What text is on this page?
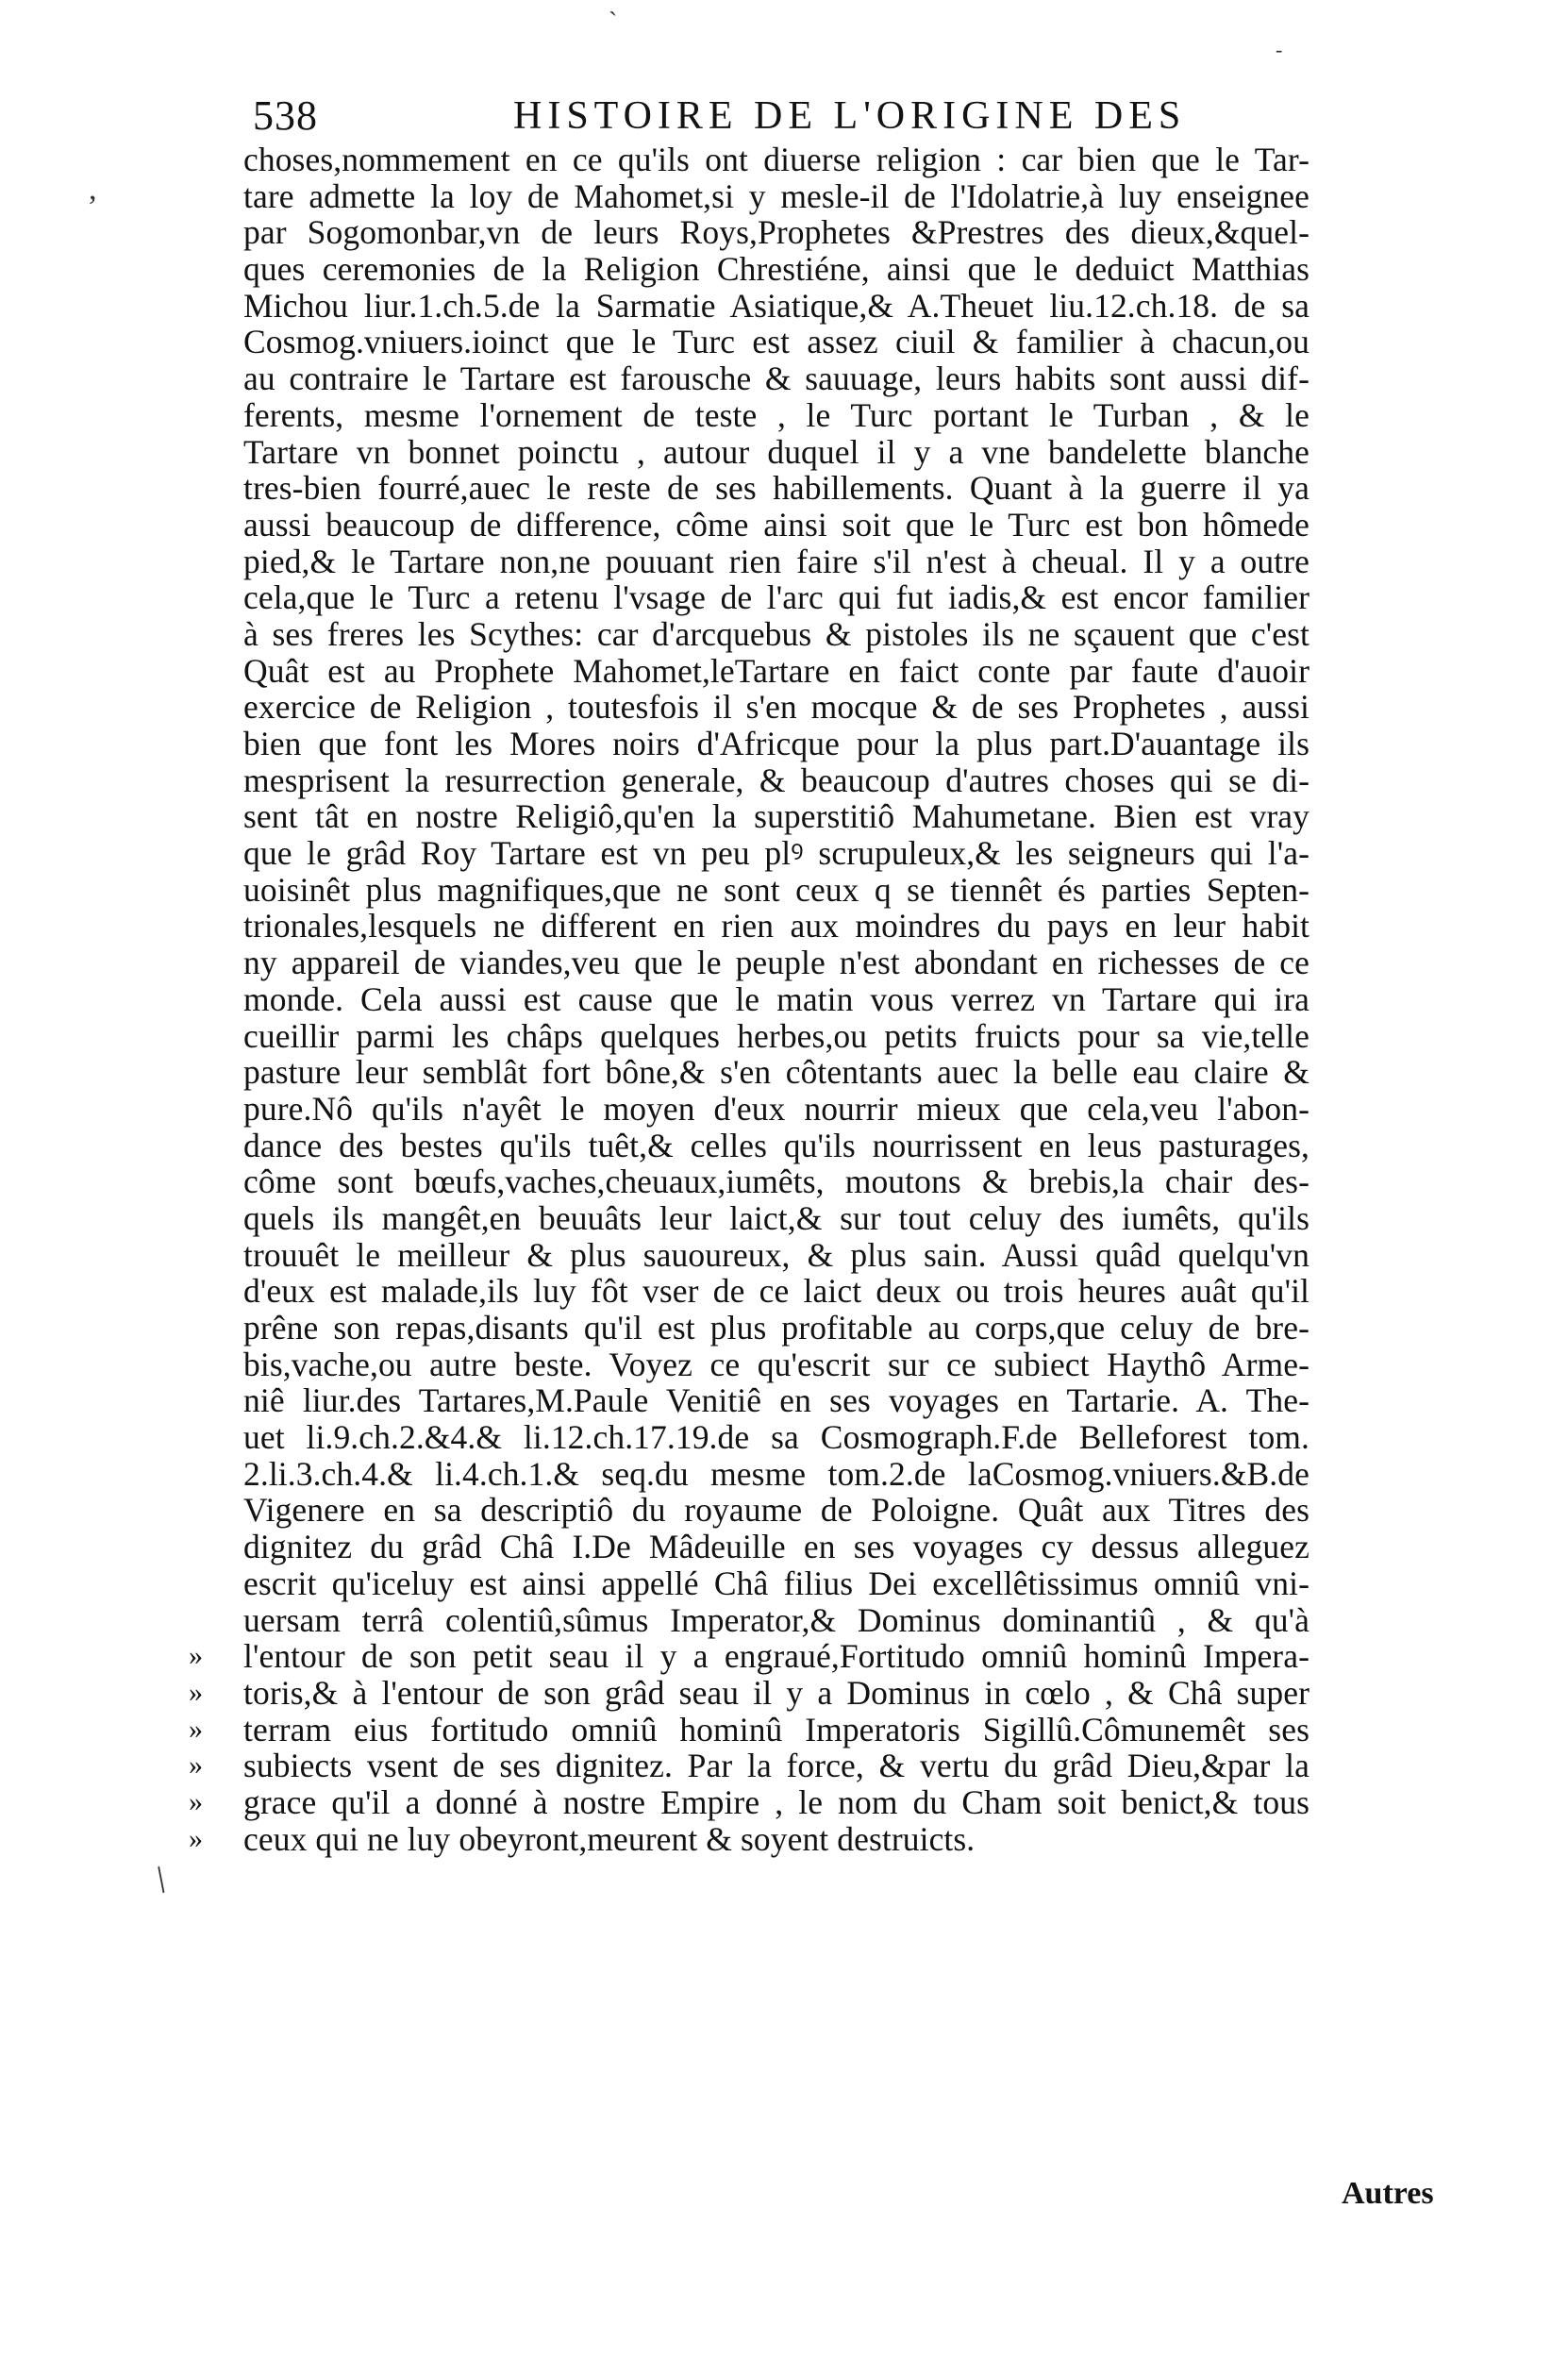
`
-
,
/
538	HISTOIRE DE L'ORIGINE DES
choses,nommement en ce qu'ils ont diuerse religion : car bien que le Tar-
tare admette la loy de Mahomet,si y mesle-il de l'Idolatrie,à luy enseignee
par Sogomonbar,vn de leurs Roys,Prophetes &Prestres des dieux,&quel-
ques ceremonies de la Religion Chrestiéne, ainsi que le deduict Matthias
Michou liur.1.ch.5.de la Sarmatie Asiatique,& A.Theuet liu.12.ch.18. de sa
Cosmog.vniuers.ioinct que le Turc est assez ciuil & familier à chacun,ou
au contraire le Tartare est farousche & sauuage, leurs habits sont aussi dif-
ferents, mesme l'ornement de teste , le Turc portant le Turban , & le
Tartare vn bonnet poinctu , autour duquel il y a vne bandelette blanche
tres-bien fourré,auec le reste de ses habillements. Quant à la guerre il ya
aussi beaucoup de difference, côme ainsi soit que le Turc est bon hômede
pied,& le Tartare non,ne pouuant rien faire s'il n'est à cheual. Il y a outre
cela,que le Turc a retenu l'vsage de l'arc qui fut iadis,& est encor familier
à ses freres les Scythes: car d'arcquebus & pistoles ils ne sçauent que c'est
Quât est au Prophete Mahomet,leTartare en faict conte par faute d'auoir
exercice de Religion , toutesfois il s'en mocque & de ses Prophetes , aussi
bien que font les Mores noirs d'Africque pour la plus part.D'auantage ils
mesprisent la resurrection generale, & beaucoup d'autres choses qui se di-
sent tât en nostre Religiô,qu'en la superstitiô Mahumetane. Bien est vray
que le grâd Roy Tartare est vn peu plꝰ scrupuleux,& les seigneurs qui l'a-
uoisinêt plus magnifiques,que ne sont ceux q se tiennêt és parties Septen-
trionales,lesquels ne different en rien aux moindres du pays en leur habit
ny appareil de viandes,veu que le peuple n'est abondant en richesses de ce
monde. Cela aussi est cause que le matin vous verrez vn Tartare qui ira
cueillir parmi les châps quelques herbes,ou petits fruicts pour sa vie,telle
pasture leur semblât fort bône,& s'en côtentants auec la belle eau claire &
pure.Nô qu'ils n'ayêt le moyen d'eux nourrir mieux que cela,veu l'abon-
dance des bestes qu'ils tuêt,& celles qu'ils nourrissent en leus pasturages,
côme sont bœufs,vaches,cheuaux,iumêts, moutons & brebis,la chair des-
quels ils mangêt,en beuuâts leur laict,& sur tout celuy des iumêts, qu'ils
trouuêt le meilleur & plus sauoureux, & plus sain. Aussi quâd quelqu'vn
d'eux est malade,ils luy fôt vser de ce laict deux ou trois heures auât qu'il
prêne son repas,disants qu'il est plus profitable au corps,que celuy de bre-
bis,vache,ou autre beste. Voyez ce qu'escrit sur ce subiect Haythô Arme-
niê liur.des Tartares,M.Paule Venitiê en ses voyages en Tartarie. A. The-
uet li.9.ch.2.&4.& li.12.ch.17.19.de sa Cosmograph.F.de Belleforest tom.
2.li.3.ch.4.& li.4.ch.1.& seq.du mesme tom.2.de laCosmog.vniuers.&B.de
Vigenere en sa descriptiô du royaume de Poloigne. Quât aux Titres des
dignitez du grâd Châ I.De Mâdeuille en ses voyages cy dessus alleguez
escrit qu'iceluy est ainsi appellé Châ filius Dei excellêtissimus omniû vni-
uersam terrâ colentiû,sûmus Imperator,& Dominus dominantiû , & qu'à
l'entour de son petit seau il y a engraué,Fortitudo omniû hominû Impera-
»
toris,& à l'entour de son grâd seau il y a Dominus in cœlo , & Châ super
»
terram eius fortitudo omniû hominû Imperatoris Sigillû.Cômunemêt ses
»
subiects vsent de ses dignitez. Par la force, & vertu du grâd Dieu,&par la
»
grace qu'il a donné à nostre Empire , le nom du Cham soit benict,& tous
»
ceux qui ne luy obeyront,meurent & soyent destruicts.
»
Autres
